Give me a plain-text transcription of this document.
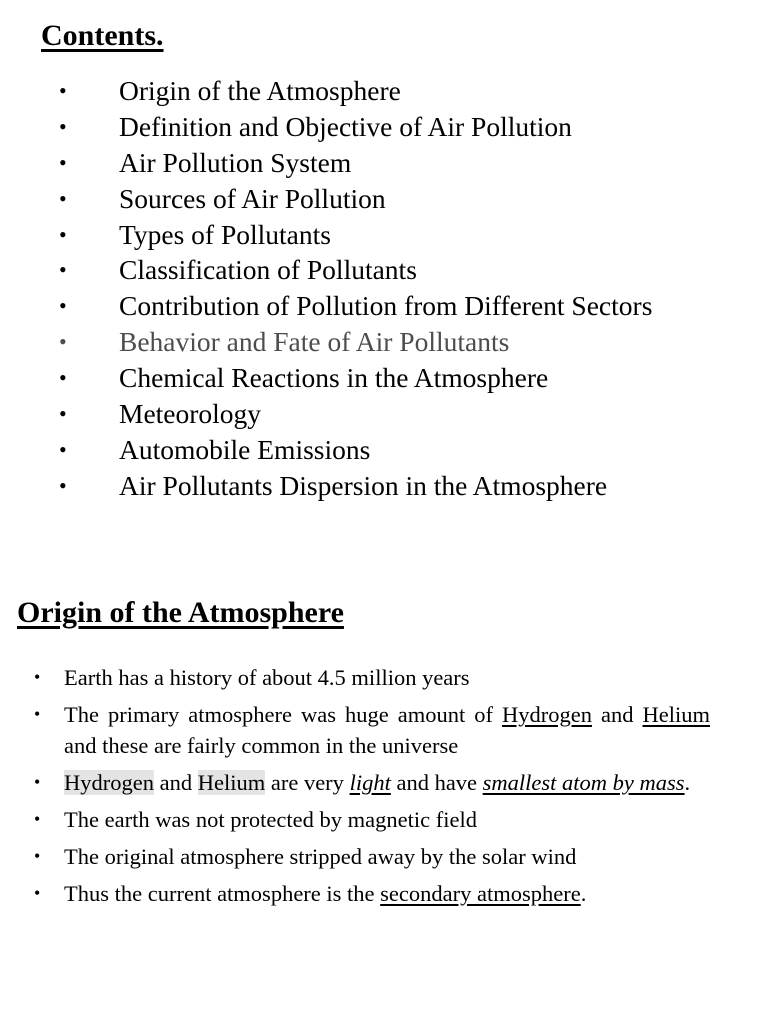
Contents.
• Origin of the Atmosphere
• Definition and Objective of Air Pollution
• Air Pollution System
• Sources of Air Pollution
• Types of Pollutants
• Classification of Pollutants
• Contribution of Pollution from Different Sectors
• Behavior and Fate of Air Pollutants
• Chemical Reactions in the Atmosphere
• Meteorology
• Automobile Emissions
• Air Pollutants Dispersion in the Atmosphere
Origin of the Atmosphere
• Earth has a history of about 4.5 million years
• The primary atmosphere was huge amount of Hydrogen and Helium and these are fairly common in the universe
• Hydrogen and Helium are very light and have smallest atom by mass.
• The earth was not protected by magnetic field
• The original atmosphere stripped away by the solar wind
• Thus the current atmosphere is the secondary atmosphere.
